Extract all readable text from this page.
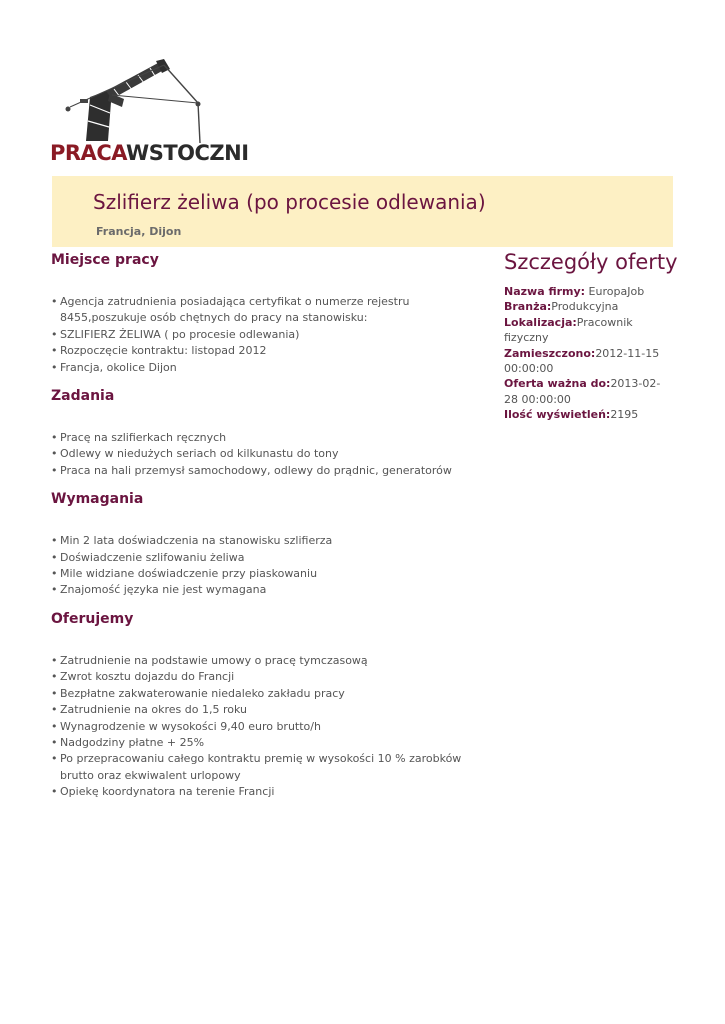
PRACAWSTOCZNI
Szlifierz żeliwa (po procesie odlewania)
Francja, Dijon
Miejsce pracy
• Agencja zatrudnienia posiadająca certyfikat o numerze rejestru 8455,poszukuje osób chętnych do pracy na stanowisku:
• SZLIFIERZ ŻELIWA ( po procesie odlewania)
• Rozpoczęcie kontraktu: listopad 2012
• Francja, okolice Dijon
Zadania
• Pracę na szlifierkach ręcznych
• Odlewy w niedużych seriach od kilkunastu do tony
• Praca na hali przemysł samochodowy, odlewy do prądnic, generatorów
Wymagania
• Min 2 lata doświadczenia na stanowisku szlifierza
• Doświadczenie szlifowaniu żeliwa
• Mile widziane doświadczenie przy piaskowaniu
• Znajomość języka nie jest wymagana
Oferujemy
• Zatrudnienie na podstawie umowy o pracę tymczasową
• Zwrot kosztu dojazdu do Francji
• Bezpłatne zakwaterowanie niedaleko zakładu pracy
• Zatrudnienie na okres do 1,5 roku
• Wynagrodzenie w wysokości 9,40 euro brutto/h
• Nadgodziny płatne + 25%
• Po przepracowaniu całego kontraktu premię w wysokości 10 % zarobków brutto oraz ekwiwalent urlopowy
• Opiekę koordynatora na terenie Francji
Szczegóły oferty
Nazwa firmy: EuropaJob
Branża:Produkcyjna
Lokalizacja:Pracownik fizyczny
Zamieszczono:2012-11-15 00:00:00
Oferta ważna do:2013-02-28 00:00:00
Ilość wyświetleń:2195
